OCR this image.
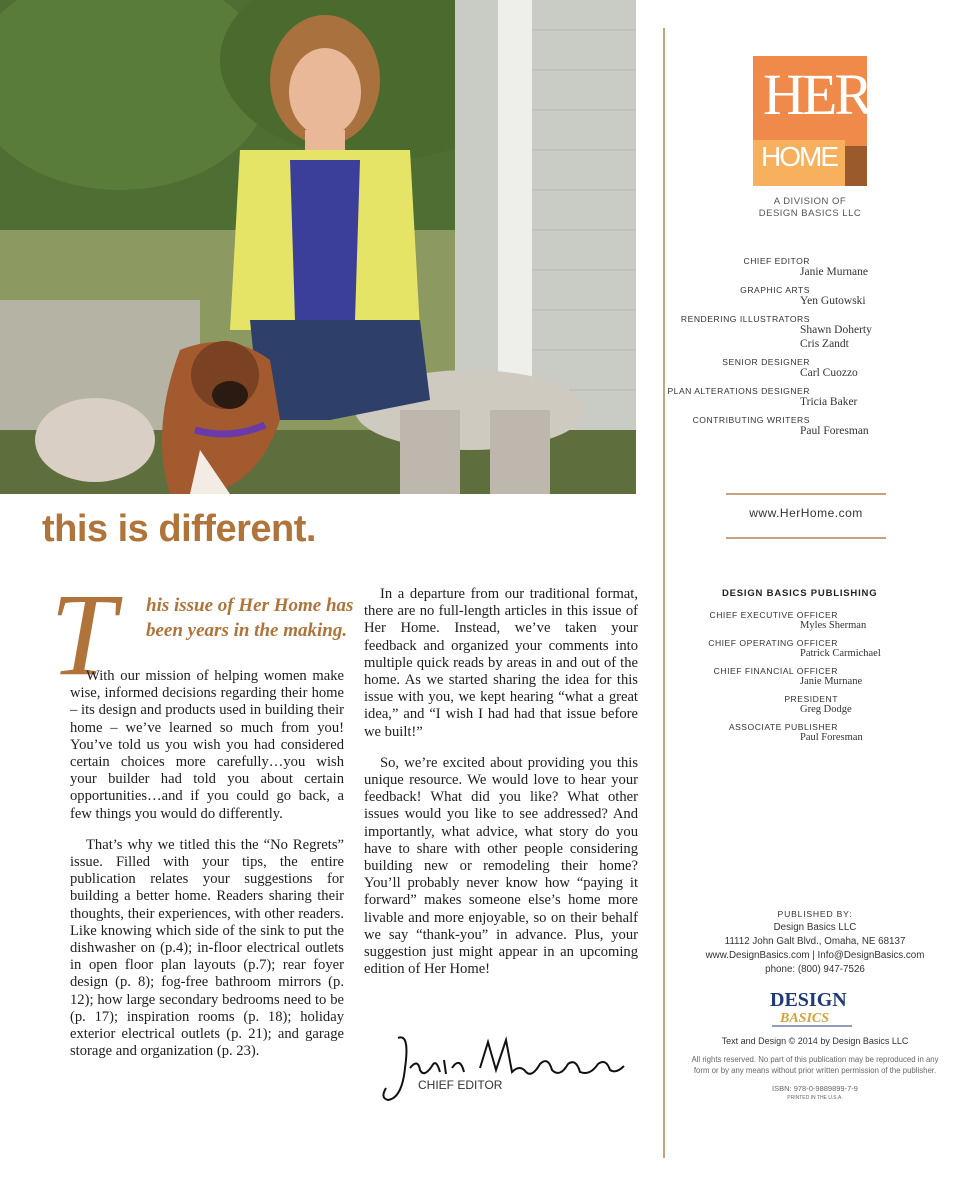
this is different.
T his issue of Her Home has been years in the making.

With our mission of helping women make wise, informed decisions regarding their home – its design and products used in building their home – we’ve learned so much from you! You’ve told us you wish you had considered certain choices more carefully…you wish your builder had told you about certain opportunities…and if you could go back, a few things you would do differently.

That’s why we titled this the “No Regrets” issue. Filled with your tips, the entire publication relates your suggestions for building a better home. Readers sharing their thoughts, their experiences, with other readers. Like knowing which side of the sink to put the dishwasher on (p.4); in-floor electrical outlets in open floor plan layouts (p.7); rear foyer design (p. 8); fog-free bathroom mirrors (p. 12); how large secondary bedrooms need to be (p. 17); inspiration rooms (p. 18); holiday exterior electrical outlets (p. 21); and garage storage and organization (p. 23).

In a departure from our traditional format, there are no full-length articles in this issue of Her Home. Instead, we’ve taken your feedback and organized your comments into multiple quick reads by areas in and out of the home. As we started sharing the idea for this issue with you, we kept hearing “what a great idea,” and “I wish I had had that issue before we built!”

So, we’re excited about providing you this unique resource. We would love to hear your feedback! What did you like? What other issues would you like to see addressed? And importantly, what advice, what story do you have to share with other people considering building new or remodeling their home? You’ll probably never know how “paying it forward” makes someone else’s home more livable and more enjoyable, so on their behalf we say “thank-you” in advance. Plus, your suggestion just might appear in an upcoming edition of Her Home!

CHIEF EDITOR
HER
HOME
A DIVISION OF
DESIGN BASICS LLC
CHIEF EDITOR
Janie Murnane
GRAPHIC ARTS
Yen Gutowski
RENDERING ILLUSTRATORS
Shawn Doherty
Cris Zandt
SENIOR DESIGNER
Carl Cuozzo
PLAN ALTERATIONS DESIGNER
Tricia Baker
CONTRIBUTING WRITERS
Paul Foresman
www.HerHome.com
DESIGN BASICS PUBLISHING
CHIEF EXECUTIVE OFFICER
Myles Sherman
CHIEF OPERATING OFFICER
Patrick Carmichael
CHIEF FINANCIAL OFFICER
Janie Murnane
PRESIDENT
Greg Dodge
ASSOCIATE PUBLISHER
Paul Foresman
PUBLISHED BY:
Design Basics LLC
11112 John Galt Blvd., Omaha, NE 68137
www.DesignBasics.com | Info@DesignBasics.com
phone: (800) 947-7526
DESIGN
BASICS
Text and Design © 2014 by Design Basics LLC
All rights reserved. No part of this publication may be reproduced in any form or by any means without prior written permission of the publisher.
ISBN: 978-0-9889899-7-9
PRINTED IN THE U.S.A.
